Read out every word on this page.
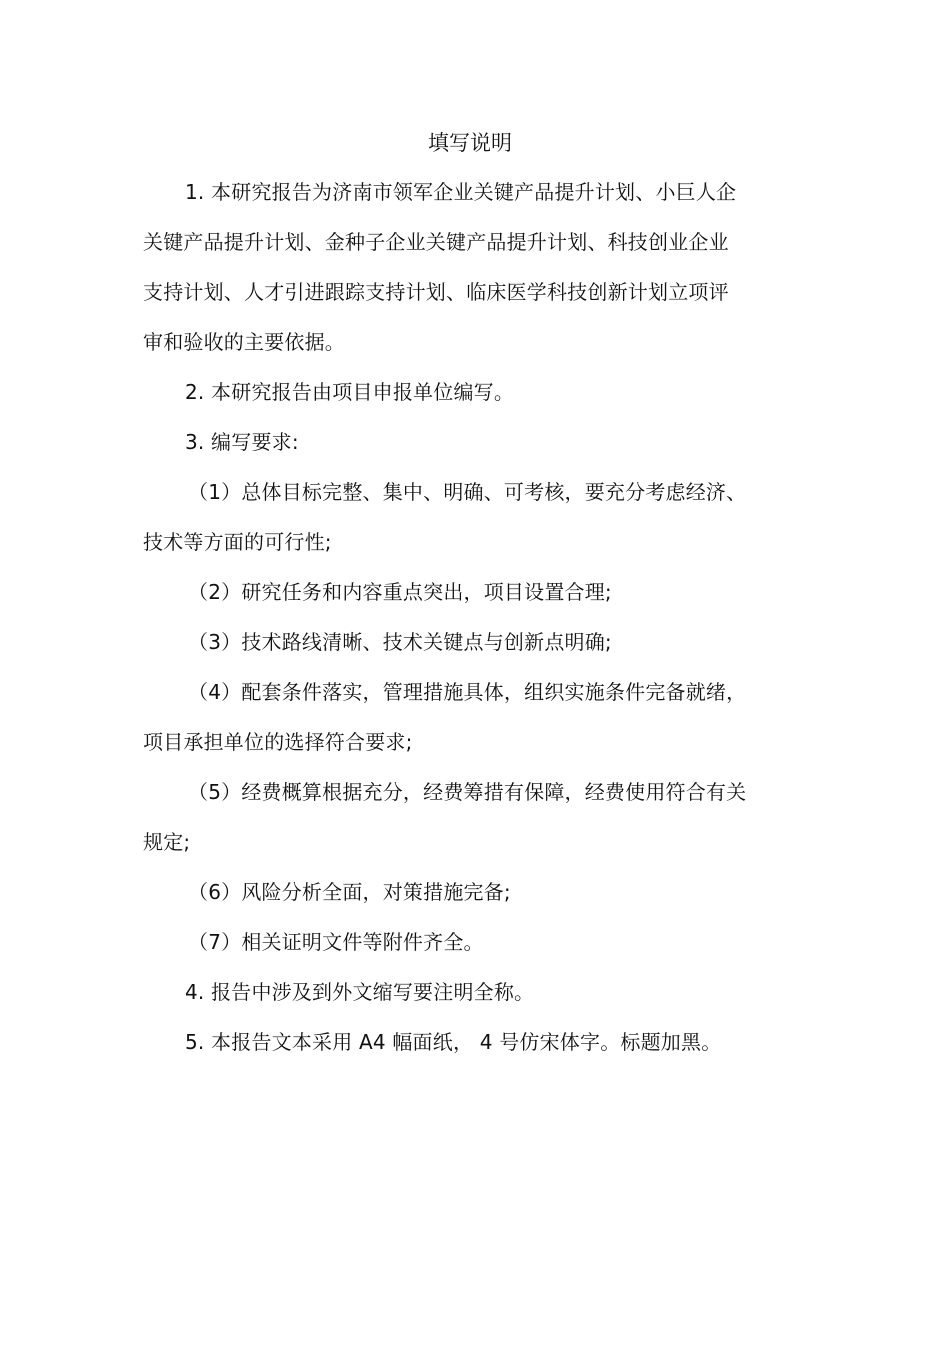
填写说明
1. 本研究报告为济南市领军企业关键产品提升计划、小巨人企
关键产品提升计划、金种子企业关键产品提升计划、科技创业企业
支持计划、人才引进跟踪支持计划、临床医学科技创新计划立项评
审和验收的主要依据。
2. 本研究报告由项目申报单位编写。
3. 编写要求:
（1）总体目标完整、集中、明确、可考核，要充分考虑经济、
技术等方面的可行性;
（2）研究任务和内容重点突出，项目设置合理;
（3）技术路线清晰、技术关键点与创新点明确;
（4）配套条件落实，管理措施具体，组织实施条件完备就绪，
项目承担单位的选择符合要求;
（5）经费概算根据充分，经费筹措有保障，经费使用符合有关
规定;
（6）风险分析全面，对策措施完备;
（7）相关证明文件等附件齐全。
4. 报告中涉及到外文缩写要注明全称。
5. 本报告文本采用 A4 幅面纸， 4 号仿宋体字。标题加黑。
